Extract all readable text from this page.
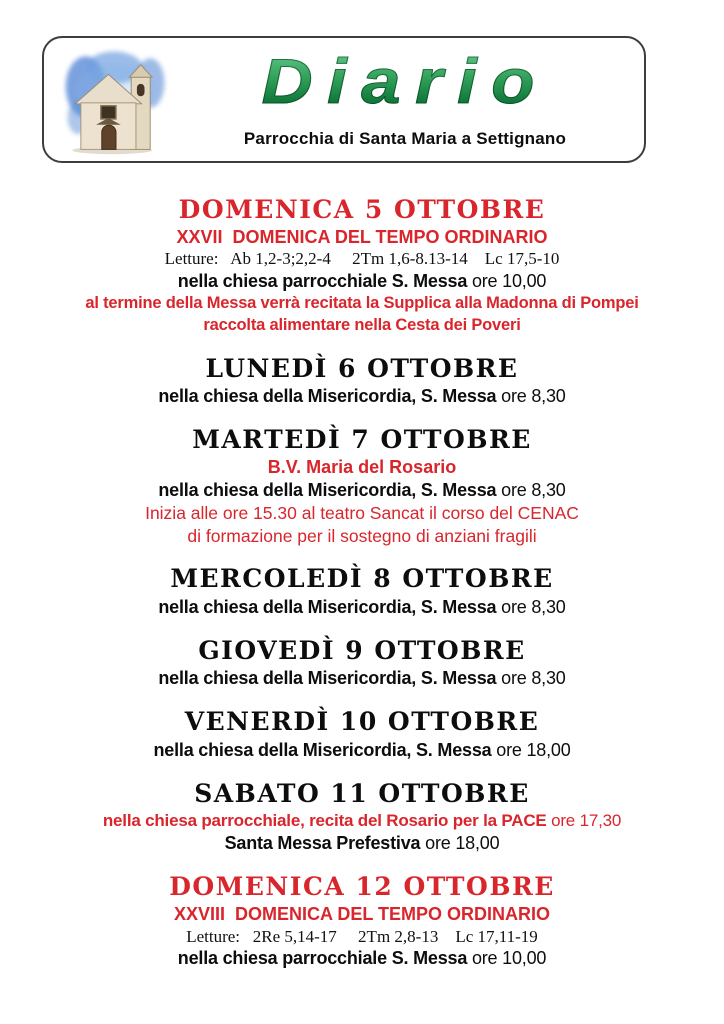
Diario
Parrocchia di Santa Maria a Settignano
DOMENICA 5 OTTOBRE
XXVII  DOMENICA DEL TEMPO ORDINARIO
Letture:   Ab 1,2-3;2,2-4     2Tm 1,6-8.13-14    Lc 17,5-10
nella chiesa parrocchiale S. Messa ore 10,00
al termine della Messa verrà recitata la Supplica alla Madonna di Pompei
raccolta alimentare nella Cesta dei Poveri
LUNEDÌ 6 OTTOBRE
nella chiesa della Misericordia, S. Messa ore 8,30
MARTEDÌ 7 OTTOBRE
B.V. Maria del Rosario
nella chiesa della Misericordia, S. Messa ore 8,30
Inizia alle ore 15.30 al teatro Sancat il corso del CENAC
di formazione per il sostegno di anziani fragili
MERCOLEDÌ 8 OTTOBRE
nella chiesa della Misericordia, S. Messa ore 8,30
GIOVEDÌ 9 OTTOBRE
nella chiesa della Misericordia, S. Messa ore 8,30
VENERDÌ 10 OTTOBRE
nella chiesa della Misericordia, S. Messa ore 18,00
SABATO 11 OTTOBRE
nella chiesa parrocchiale, recita del Rosario per la PACE ore 17,30
Santa Messa Prefestiva ore 18,00
DOMENICA 12 OTTOBRE
XXVIII  DOMENICA DEL TEMPO ORDINARIO
Letture:   2Re 5,14-17     2Tm 2,8-13    Lc 17,11-19
nella chiesa parrocchiale S. Messa ore 10,00
